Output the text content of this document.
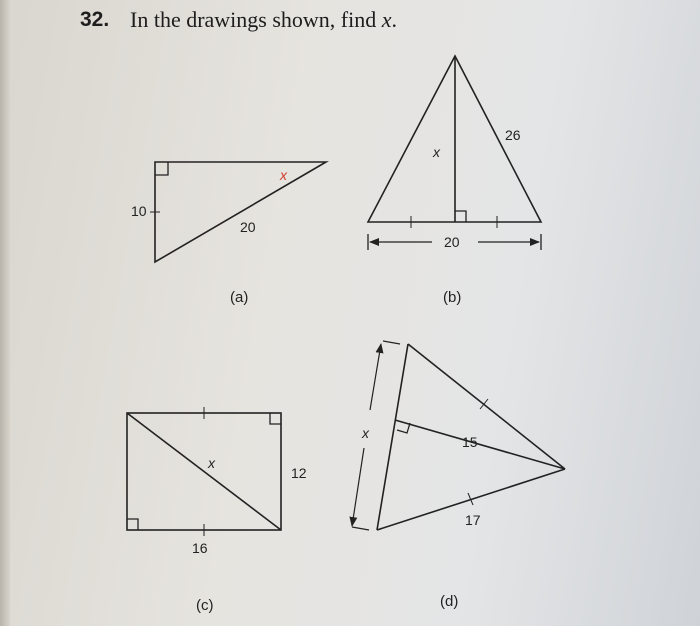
32. In the drawings shown, find x.
10
20
x
(a)
20
26
x
(b)
x
12
16
(c)
x
15
17
(d)
